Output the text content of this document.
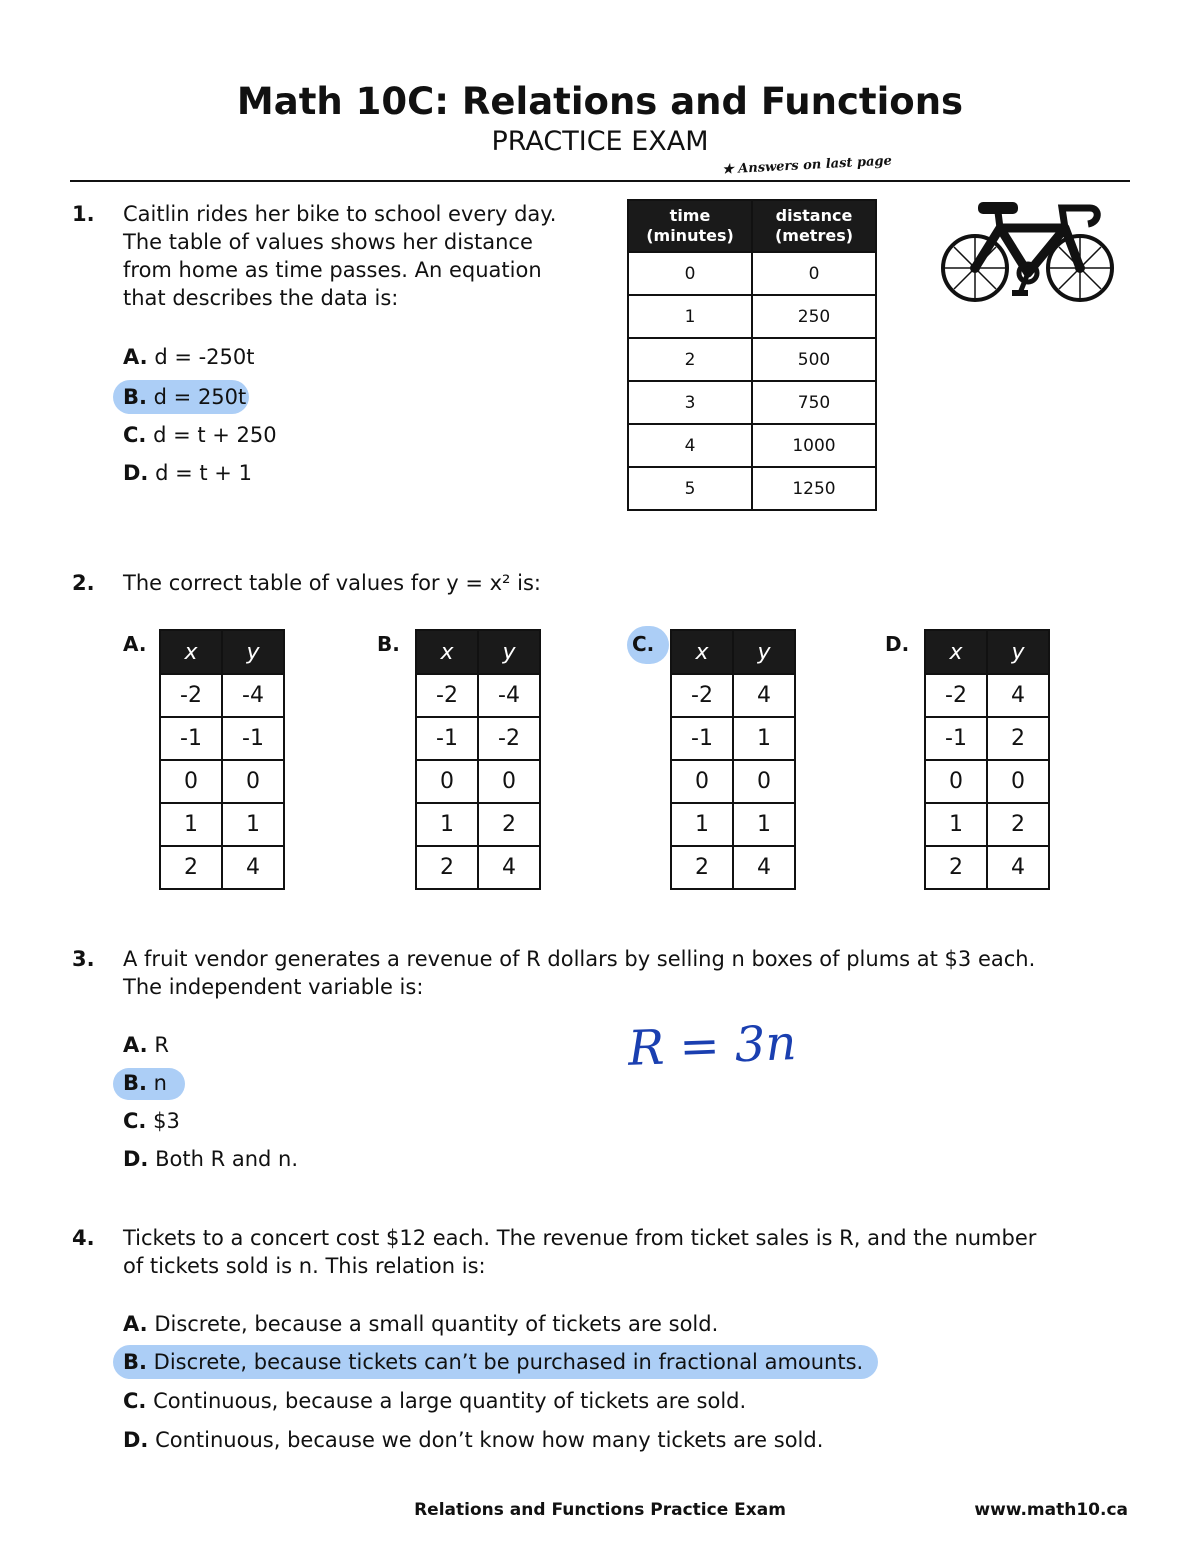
Math 10C: Relations and Functions
PRACTICE EXAM
★ Answers on last page
1. Caitlin rides her bike to school every day. The table of values shows her distance from home as time passes. An equation that describes the data is:
A. d = -250t
B. d = 250t
C. d = t + 250
D. d = t + 1
time (minutes)	distance (metres)
0	0
1	250
2	500
3	750
4	1000
5	1250
2. The correct table of values for y = x² is:
A. x	y
-2	-4
-1	-1
0	0
1	1
2	4
B. x	y
-2	-4
-1	-2
0	0
1	2
2	4
C. x	y
-2	4
-1	1
0	0
1	1
2	4
D. x	y
-2	4
-1	2
0	0
1	2
2	4
3. A fruit vendor generates a revenue of R dollars by selling n boxes of plums at $3 each. The independent variable is:
A. R
B. n
C. $3
D. Both R and n.
R = 3n
4. Tickets to a concert cost $12 each. The revenue from ticket sales is R, and the number of tickets sold is n. This relation is:
A. Discrete, because a small quantity of tickets are sold.
B. Discrete, because tickets can’t be purchased in fractional amounts.
C. Continuous, because a large quantity of tickets are sold.
D. Continuous, because we don’t know how many tickets are sold.
Relations and Functions Practice Exam	www.math10.ca
